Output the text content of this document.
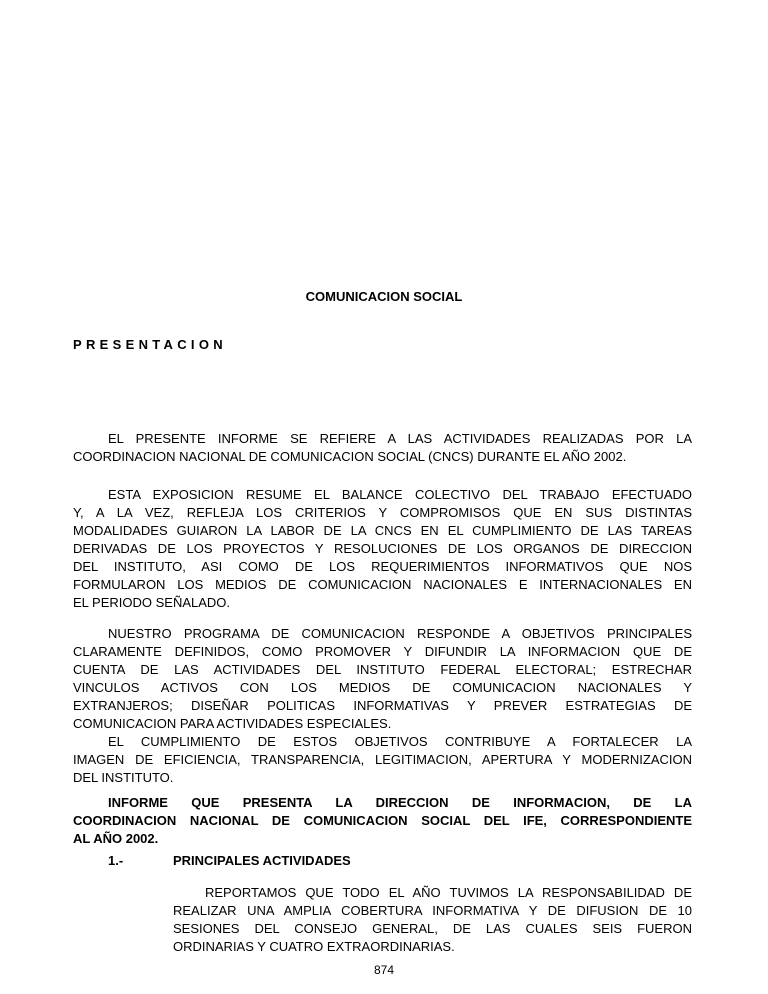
COMUNICACION SOCIAL
PRESENTACION
EL PRESENTE INFORME SE REFIERE A LAS ACTIVIDADES REALIZADAS POR LA
COORDINACION NACIONAL DE COMUNICACION SOCIAL (CNCS) DURANTE EL AÑO 2002.
ESTA EXPOSICION RESUME EL BALANCE COLECTIVO DEL TRABAJO EFECTUADO
Y, A LA VEZ, REFLEJA LOS CRITERIOS Y COMPROMISOS QUE EN SUS DISTINTAS
MODALIDADES GUIARON LA LABOR DE LA CNCS EN EL CUMPLIMIENTO DE LAS TAREAS
DERIVADAS DE LOS PROYECTOS Y RESOLUCIONES DE LOS ORGANOS DE DIRECCION
DEL INSTITUTO, ASI COMO DE LOS REQUERIMIENTOS INFORMATIVOS QUE NOS
FORMULARON LOS MEDIOS DE COMUNICACION NACIONALES E INTERNACIONALES EN
EL PERIODO SEÑALADO.
NUESTRO PROGRAMA DE COMUNICACION RESPONDE A OBJETIVOS PRINCIPALES
CLARAMENTE DEFINIDOS, COMO PROMOVER Y DIFUNDIR LA INFORMACION QUE DE
CUENTA DE LAS ACTIVIDADES DEL INSTITUTO FEDERAL ELECTORAL; ESTRECHAR
VINCULOS ACTIVOS CON LOS MEDIOS DE COMUNICACION NACIONALES Y
EXTRANJEROS; DISEÑAR POLITICAS INFORMATIVAS Y PREVER ESTRATEGIAS DE
COMUNICACION PARA ACTIVIDADES ESPECIALES.
EL CUMPLIMIENTO DE ESTOS OBJETIVOS CONTRIBUYE A FORTALECER LA
IMAGEN DE EFICIENCIA, TRANSPARENCIA, LEGITIMACION, APERTURA Y MODERNIZACION
DEL INSTITUTO.
INFORME QUE PRESENTA LA DIRECCION DE INFORMACION, DE LA
COORDINACION NACIONAL DE COMUNICACION SOCIAL DEL IFE, CORRESPONDIENTE
AL AÑO 2002.
1.-	PRINCIPALES ACTIVIDADES
REPORTAMOS QUE TODO EL AÑO TUVIMOS LA RESPONSABILIDAD DE
REALIZAR UNA AMPLIA COBERTURA INFORMATIVA Y DE DIFUSION DE 10
SESIONES DEL CONSEJO GENERAL, DE LAS CUALES SEIS FUERON
ORDINARIAS Y CUATRO EXTRAORDINARIAS.
874
